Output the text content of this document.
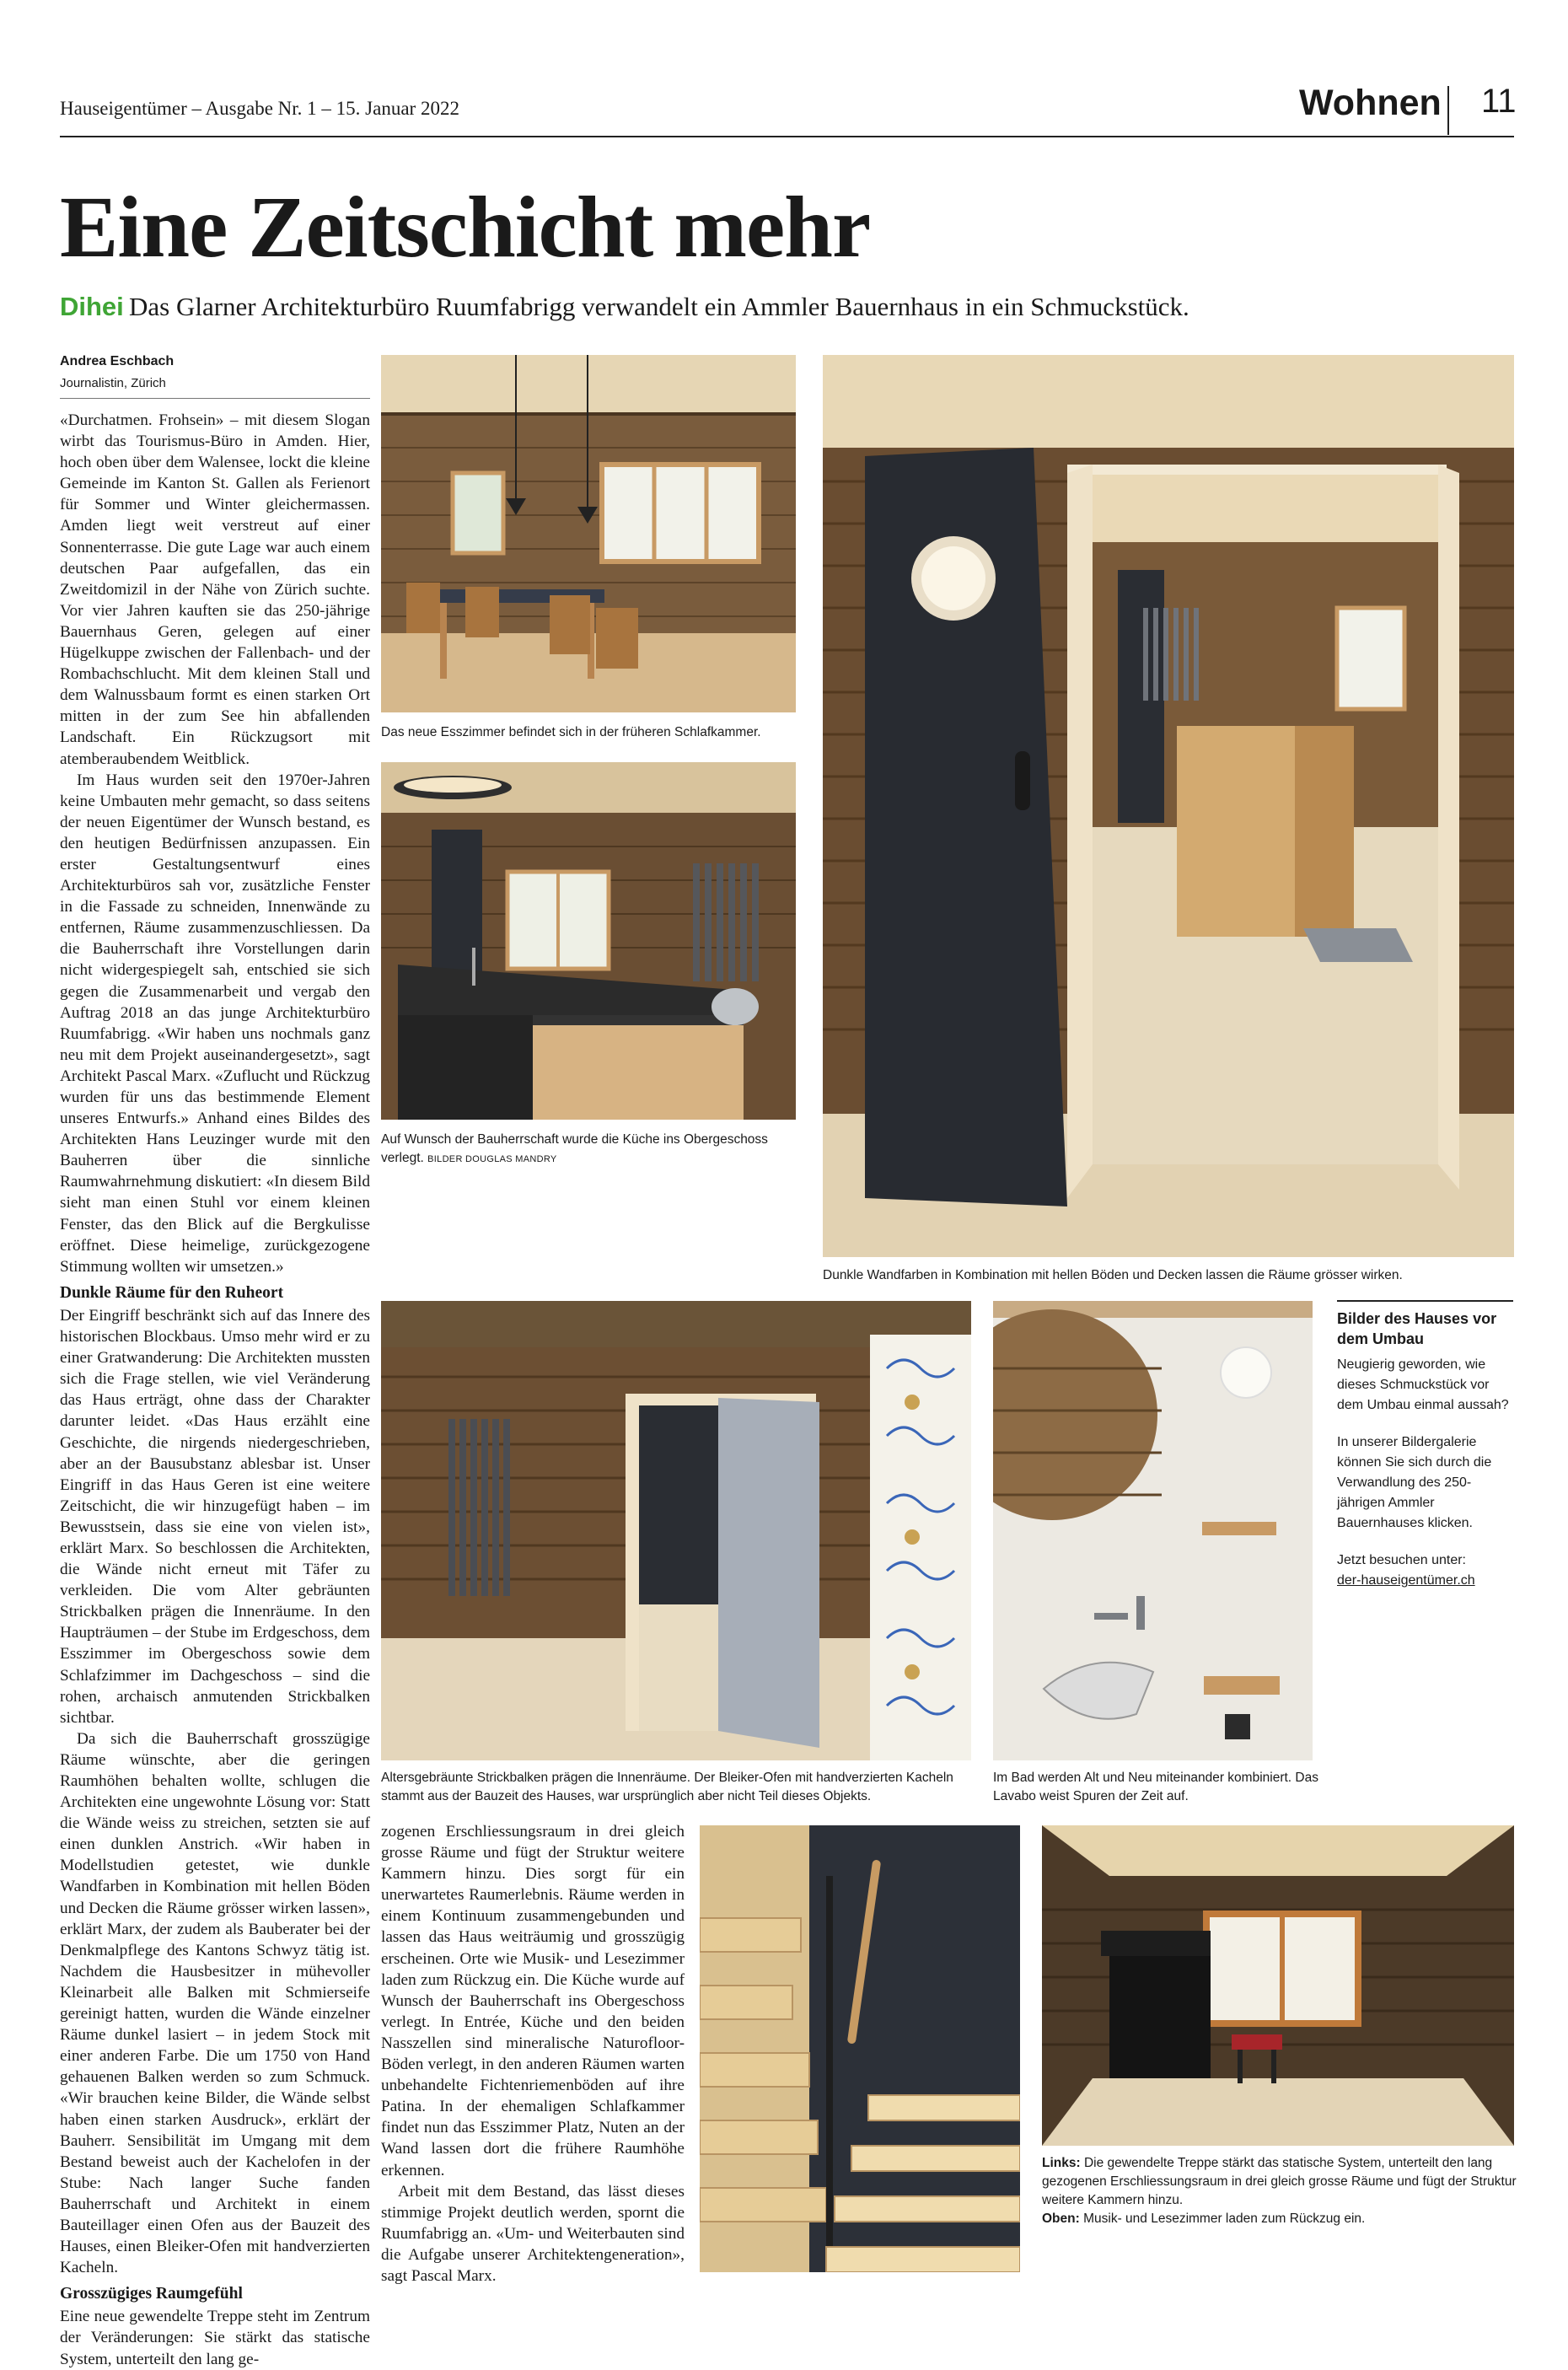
Hauseigentümer – Ausgabe Nr. 1 – 15. Januar 2022	Wohnen 11
Eine Zeitschicht mehr
Dihei Das Glarner Architekturbüro Ruumfabrigg verwandelt ein Ammler Bauernhaus in ein Schmuckstück.
Andrea Eschbach
Journalistin, Zürich

«Durchatmen. Frohsein» – mit diesem Slogan wirbt das Tourismus-Büro in Amden. Hier, hoch oben über dem Walensee, lockt die kleine Gemeinde im Kanton St. Gallen als Ferienort für Sommer und Winter gleichermassen. Amden liegt weit verstreut auf einer Sonnenterrasse. Die gute Lage war auch einem deutschen Paar aufgefallen, das ein Zweitdomizil in der Nähe von Zürich suchte. Vor vier Jahren kauften sie das 250-jährige Bauernhaus Geren, gelegen auf einer Hügelkuppe zwischen der Fallenbach- und der Rombachschlucht. Mit dem kleinen Stall und dem Walnussbaum formt es einen starken Ort mitten in der zum See hin abfallenden Landschaft. Ein Rückzugsort mit atemberaubendem Weitblick.

Im Haus wurden seit den 1970er-Jahren keine Umbauten mehr gemacht, so dass seitens der neuen Eigentümer der Wunsch bestand, es den heutigen Bedürfnissen anzupassen. Ein erster Gestaltungsentwurf eines Architekturbüros sah vor, zusätzliche Fenster in die Fassade zu schneiden, Innenwände zu entfernen, Räume zusammenzuschliessen. Da die Bauherrschaft ihre Vorstellungen darin nicht widergespiegelt sah, entschied sie sich gegen die Zusammenarbeit und vergab den Auftrag 2018 an das junge Architekturbüro Ruumfabrigg. «Wir haben uns nochmals ganz neu mit dem Projekt auseinandergesetzt», sagt Architekt Pascal Marx. «Zuflucht und Rückzug wurden für uns das bestimmende Element unseres Entwurfs.» Anhand eines Bildes des Architekten Hans Leuzinger wurde mit den Bauherren über die sinnliche Raumwahrnehmung diskutiert: «In diesem Bild sieht man einen Stuhl vor einem kleinen Fenster, das den Blick auf die Bergkulisse eröffnet. Diese heimelige, zurückgezogene Stimmung wollten wir umsetzen.»

Dunkle Räume für den Ruheort

Der Eingriff beschränkt sich auf das Innere des historischen Blockbaus. Umso mehr wird er zu einer Gratwanderung: Die Architekten mussten sich die Frage stellen, wie viel Veränderung das Haus erträgt, ohne dass der Charakter darunter leidet. «Das Haus erzählt eine Geschichte, die nirgends niedergeschrieben, aber an der Bausubstanz ablesbar ist. Unser Eingriff in das Haus Geren ist eine weitere Zeitschicht, die wir hinzugefügt haben – im Bewusstsein, dass sie eine von vielen ist», erklärt Marx. So beschlossen die Architekten, die Wände nicht erneut mit Täfer zu verkleiden. Die vom Alter gebräunten Strickbalken prägen die Innenräume. In den Haupträumen – der Stube im Erdgeschoss, dem Esszimmer im Obergeschoss sowie dem Schlafzimmer im Dachgeschoss – sind die rohen, archaisch anmutenden Strickbalken sichtbar.

Da sich die Bauherrschaft grosszügige Räume wünschte, aber die geringen Raumhöhen behalten wollte, schlugen die Architekten eine ungewohnte Lösung vor: Statt die Wände weiss zu streichen, setzten sie auf einen dunklen Anstrich. «Wir haben in Modellstudien getestet, wie dunkle Wandfarben in Kombination mit hellen Böden und Decken die Räume grösser wirken lassen», erklärt Marx, der zudem als Bauberater bei der Denkmalpflege des Kantons Schwyz tätig ist. Nachdem die Hausbesitzer in mühevoller Kleinarbeit alle Balken mit Schmierseife gereinigt hatten, wurden die Wände einzelner Räume dunkel lasiert – in jedem Stock mit einer anderen Farbe. Die um 1750 von Hand gehauenen Balken werden so zum Schmuck. «Wir brauchen keine Bilder, die Wände selbst haben einen starken Ausdruck», erklärt der Bauherr. Sensibilität im Umgang mit dem Bestand beweist auch der Kachelofen in der Stube: Nach langer Suche fanden Bauherrschaft und Architekt in einem Bauteillager einen Ofen aus der Bauzeit des Hauses, einen Bleiker-Ofen mit handverzierten Kacheln.

Grosszügiges Raumgefühl

Eine neue gewendelte Treppe steht im Zentrum der Veränderungen: Sie stärkt das statische System, unterteilt den lang ge-

zogenen Erschliessungsraum in drei gleich grosse Räume und fügt der Struktur weitere Kammern hinzu. Dies sorgt für ein unerwartetes Raumerlebnis. Räume werden in einem Kontinuum zusammengebunden und lassen das Haus weiträumig und grosszügig erscheinen. Orte wie Musik- und Lesezimmer laden zum Rückzug ein. Die Küche wurde auf Wunsch der Bauherrschaft ins Obergeschoss verlegt. In Entrée, Küche und den beiden Nasszellen sind mineralische Naturofloor-Böden verlegt, in den anderen Räumen warten unbehandelte Fichtenriemenböden auf ihre Patina. In der ehemaligen Schlafkammer findet nun das Esszimmer Platz, Nuten an der Wand lassen dort die frühere Raumhöhe erkennen.

Arbeit mit dem Bestand, das lässt dieses stimmige Projekt deutlich werden, spornt die Ruumfabrigg an. «Um- und Weiterbauten sind die Aufgabe unserer Architektengeneration», sagt Pascal Marx.

Das neue Esszimmer befindet sich in der früheren Schlafkammer.
Auf Wunsch der Bauherrschaft wurde die Küche ins Obergeschoss verlegt. BILDER DOUGLAS MANDRY
Dunkle Wandfarben in Kombination mit hellen Böden und Decken lassen die Räume grösser wirken.
Altersgebräunte Strickbalken prägen die Innenräume. Der Bleiker-Ofen mit handverzierten Kacheln stammt aus der Bauzeit des Hauses, war ursprünglich aber nicht Teil dieses Objekts.
Im Bad werden Alt und Neu miteinander kombiniert. Das Lavabo weist Spuren der Zeit auf.
Bilder des Hauses vor dem Umbau

Neugierig geworden, wie dieses Schmuckstück vor dem Umbau einmal aussah?

In unserer Bildergalerie können Sie sich durch die Verwandlung des 250-jährigen Ammler Bauernhauses klicken.

Jetzt besuchen unter:
der-hauseigentümer.ch
Links: Die gewendelte Treppe stärkt das statische System, unterteilt den lang gezogenen Erschliessungsraum in drei gleich grosse Räume und fügt der Struktur weitere Kammern hinzu.
Oben: Musik- und Lesezimmer laden zum Rückzug ein.
